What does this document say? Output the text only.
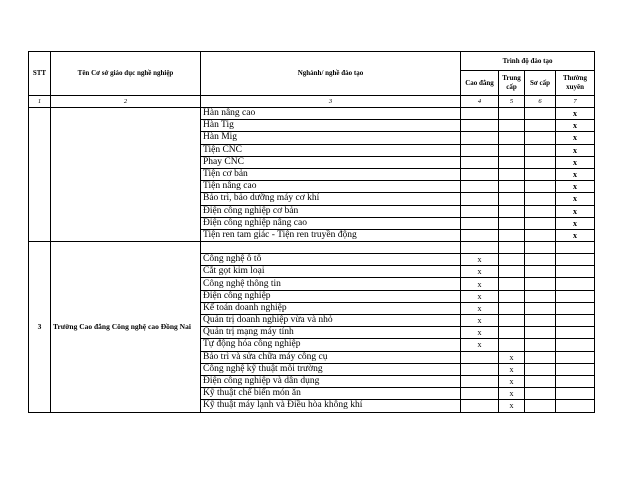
STT	Tên Cơ sở giáo dục nghề nghiệp	Nghành/ nghề đào tạo	Trình độ đào tạo			
			Cao đẳng	Trung cấp	Sơ cấp	Thường xuyên
1	2	3	4	5	6	7
		Hàn nâng cao				x
		Hàn Tig				x
		Hàn Mig				x
		Tiện CNC				x
		Phay CNC				x
		Tiện cơ bản				x
		Tiện nâng cao				x
		Bảo trì, bảo dưỡng máy cơ khí				x
		Điện công nghiệp cơ bản				x
		Điện công nghiệp nâng cao				x
		Tiện ren tam giác - Tiện ren truyền động				x
3	Trường Cao đẳng Công nghệ cao Đồng Nai					
		Công nghệ ô tô	x			
		Cắt gọt kim loại	x			
		Công nghệ thông tin	x			
		Điện công nghiệp	x			
		Kế toán doanh nghiệp	x			
		Quản trị doanh nghiệp vừa và nhỏ	x			
		Quản trị mạng máy tính	x			
		Tự động hóa công nghiệp	x			
		Bảo trì và sửa chữa máy công cụ		x		
		Công nghệ kỹ thuật môi trường		x		
		Điện công nghiệp và dân dụng		x		
		Kỹ thuật chế biến món ăn		x		
		Kỹ thuật máy lạnh và Điều hòa không khí		x		
